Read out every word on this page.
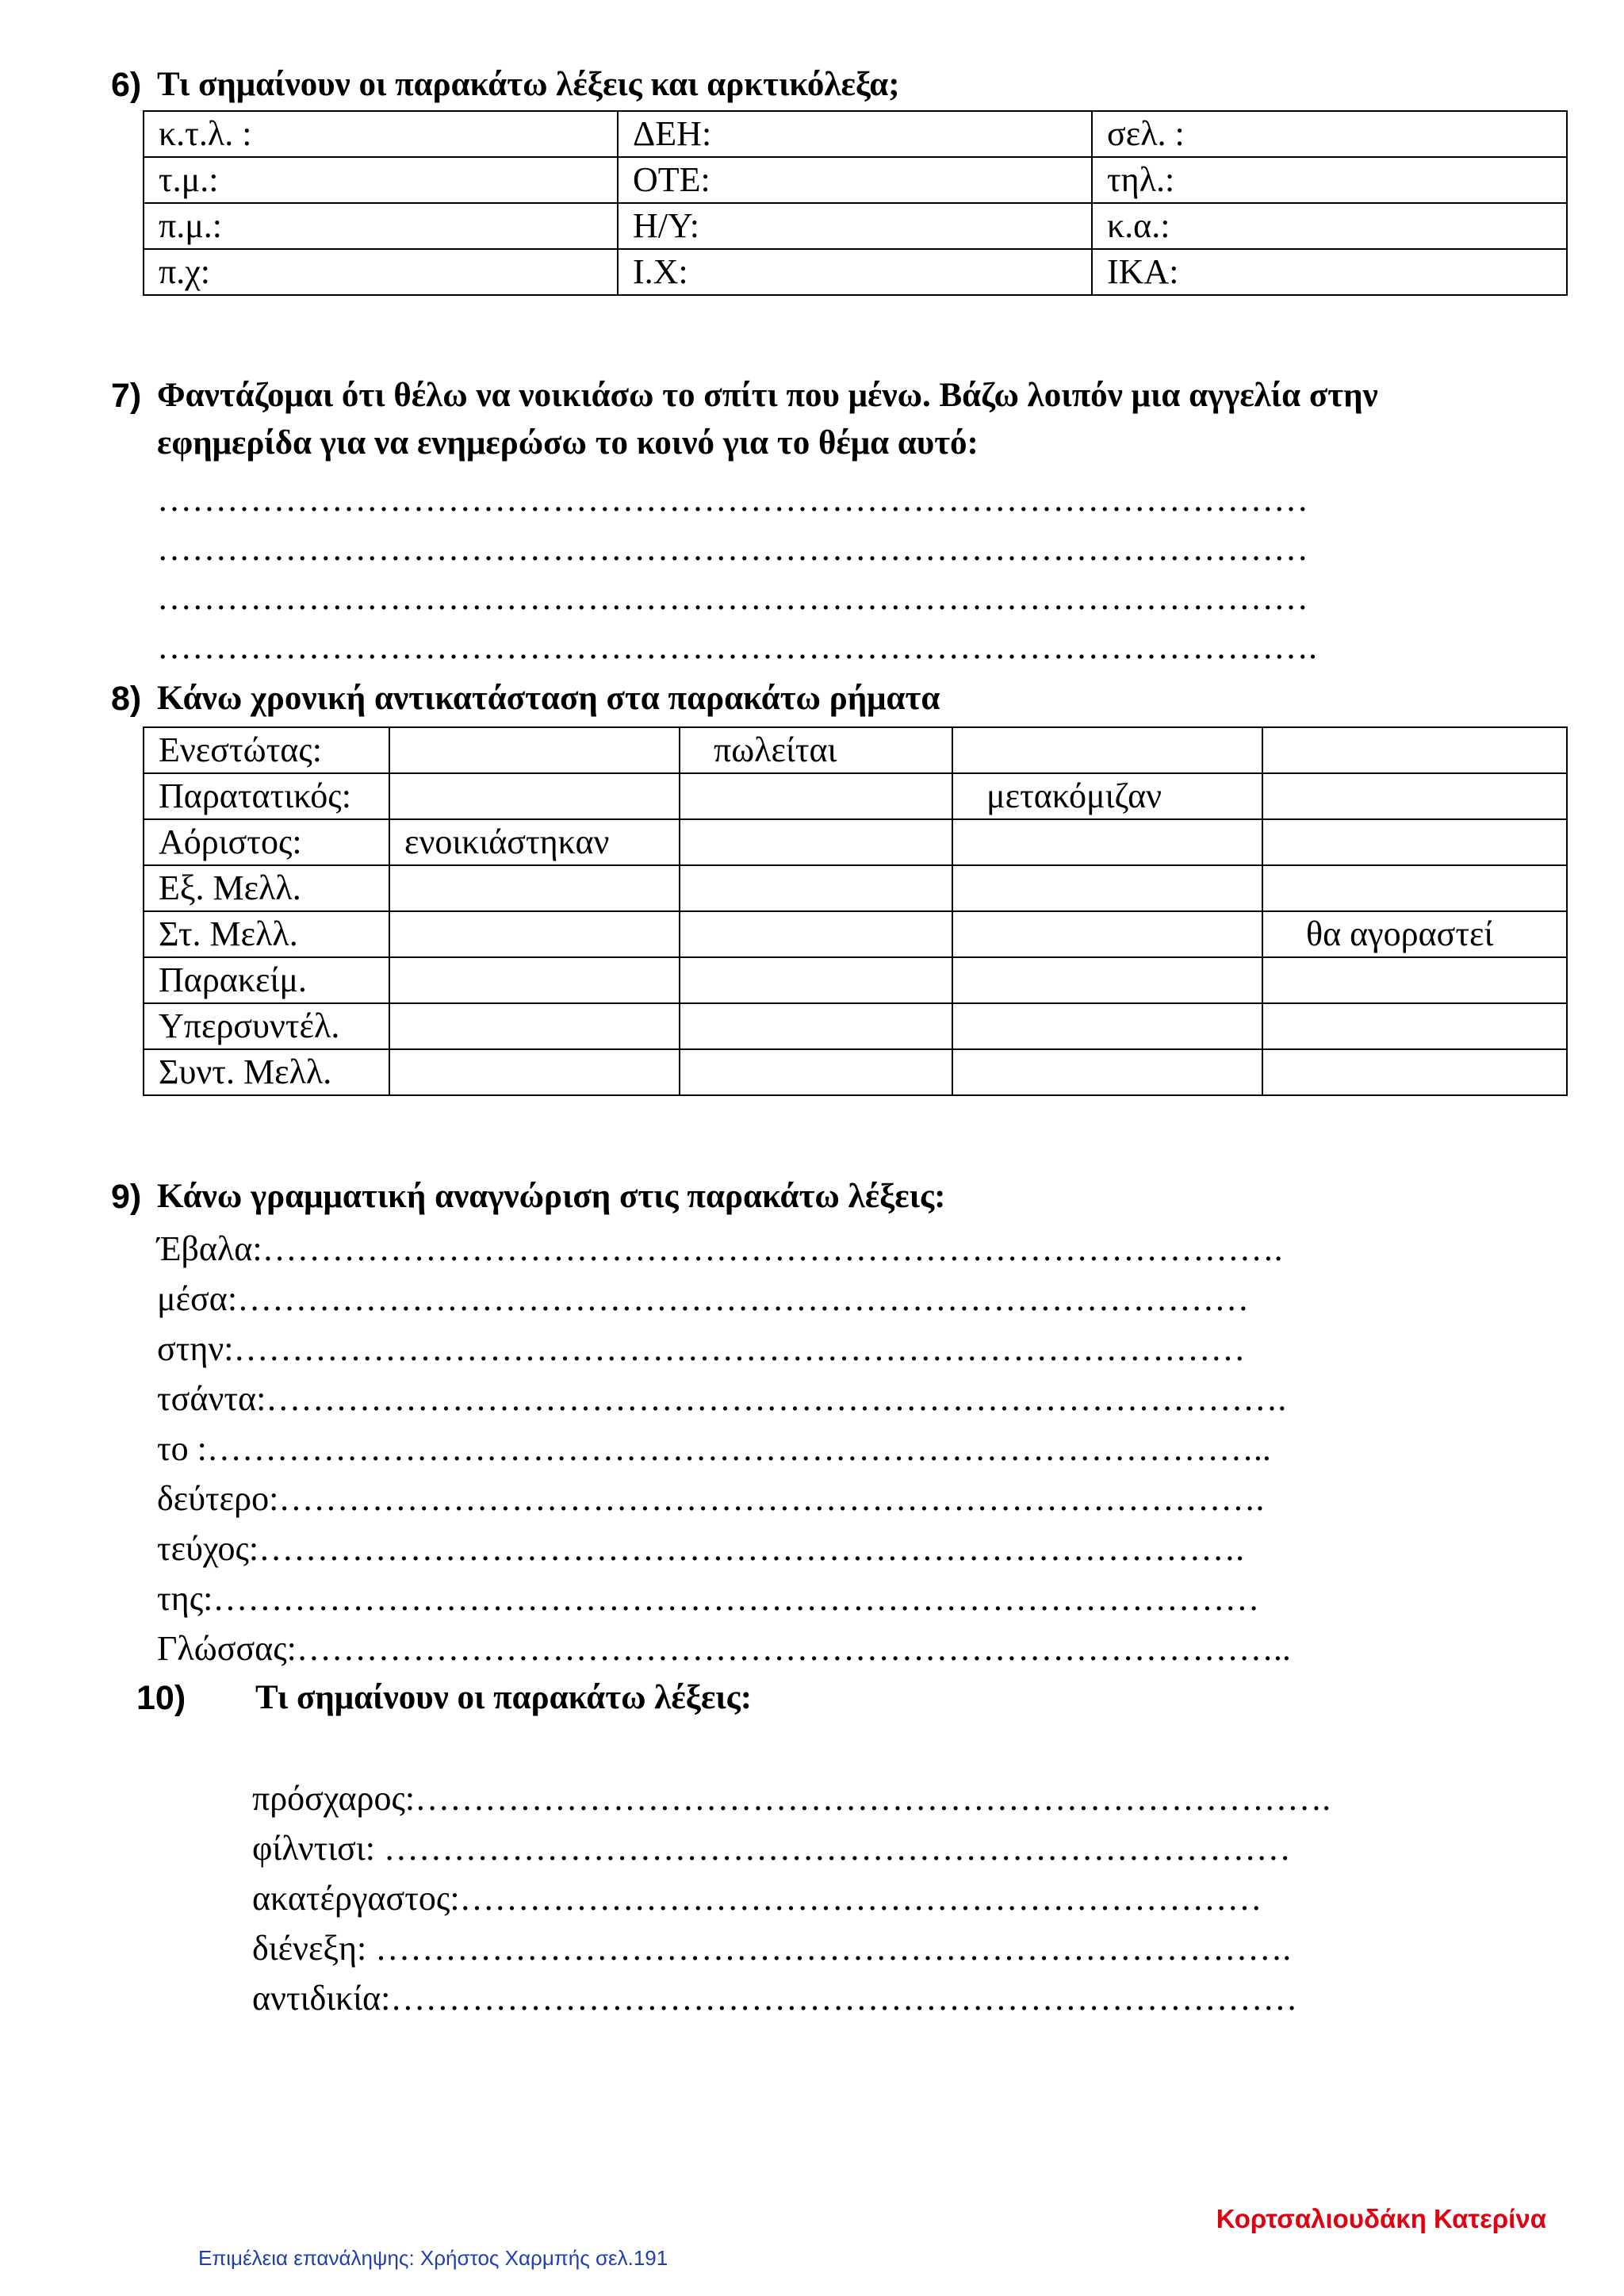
6) Τι σημαίνουν οι παρακάτω λέξεις και αρκτικόλεξα;
κ.τ.λ. :	ΔΕΗ:	σελ. :
τ.μ.:	ΟΤΕ:	τηλ.:
π.μ.:	Η/Υ:	κ.α.:
π.χ:	Ι.Χ:	ΙΚΑ:
7) Φαντάζομαι ότι θέλω να νοικιάσω το σπίτι που μένω. Βάζω λοιπόν μια αγγελία στην
εφημερίδα για να ενημερώσω το κοινό για το θέμα αυτό:
………………………………………………………………………………………
………………………………………………………………………………………
………………………………………………………………………………………
……………………………………………………………………………………….
8) Κάνω χρονική αντικατάσταση στα παρακάτω ρήματα
Ενεστώτας:		πωλείται		
Παρατατικός:			μετακόμιζαν	
Αόριστος:	ενοικιάστηκαν			
Εξ. Μελλ.				
Στ. Μελλ.				θα αγοραστεί
Παρακείμ.				
Υπερσυντέλ.				
Συντ. Μελλ.				
9) Κάνω γραμματική αναγνώριση στις παρακάτω λέξεις:
Έβαλα:…………………………………………………………………………….
μέσα:……………………………………………………………………………
στην:……………………………………………………………………………
τσάντα:…………………………………………………………………………….
το :………………………………………………………………………………..
δεύτερο:………………………………………………………………………….
τεύχος:………………………………………………………………………….
της:………………………………………………………………………………
Γλώσσας:…………………………………………………………………………..
10)	Τι σημαίνουν οι παρακάτω λέξεις:
πρόσχαρος:…………………………………………………………………….
φίλντισι: ……………………………………………………………………
ακατέργαστος:……………………………………………………………
διένεξη: …………………………………………………………………….
αντιδικία:……………………………………………………………………
Κορτσαλιουδάκη Κατερίνα
Επιμέλεια επανάληψης: Χρήστος Χαρμπής σελ.191
